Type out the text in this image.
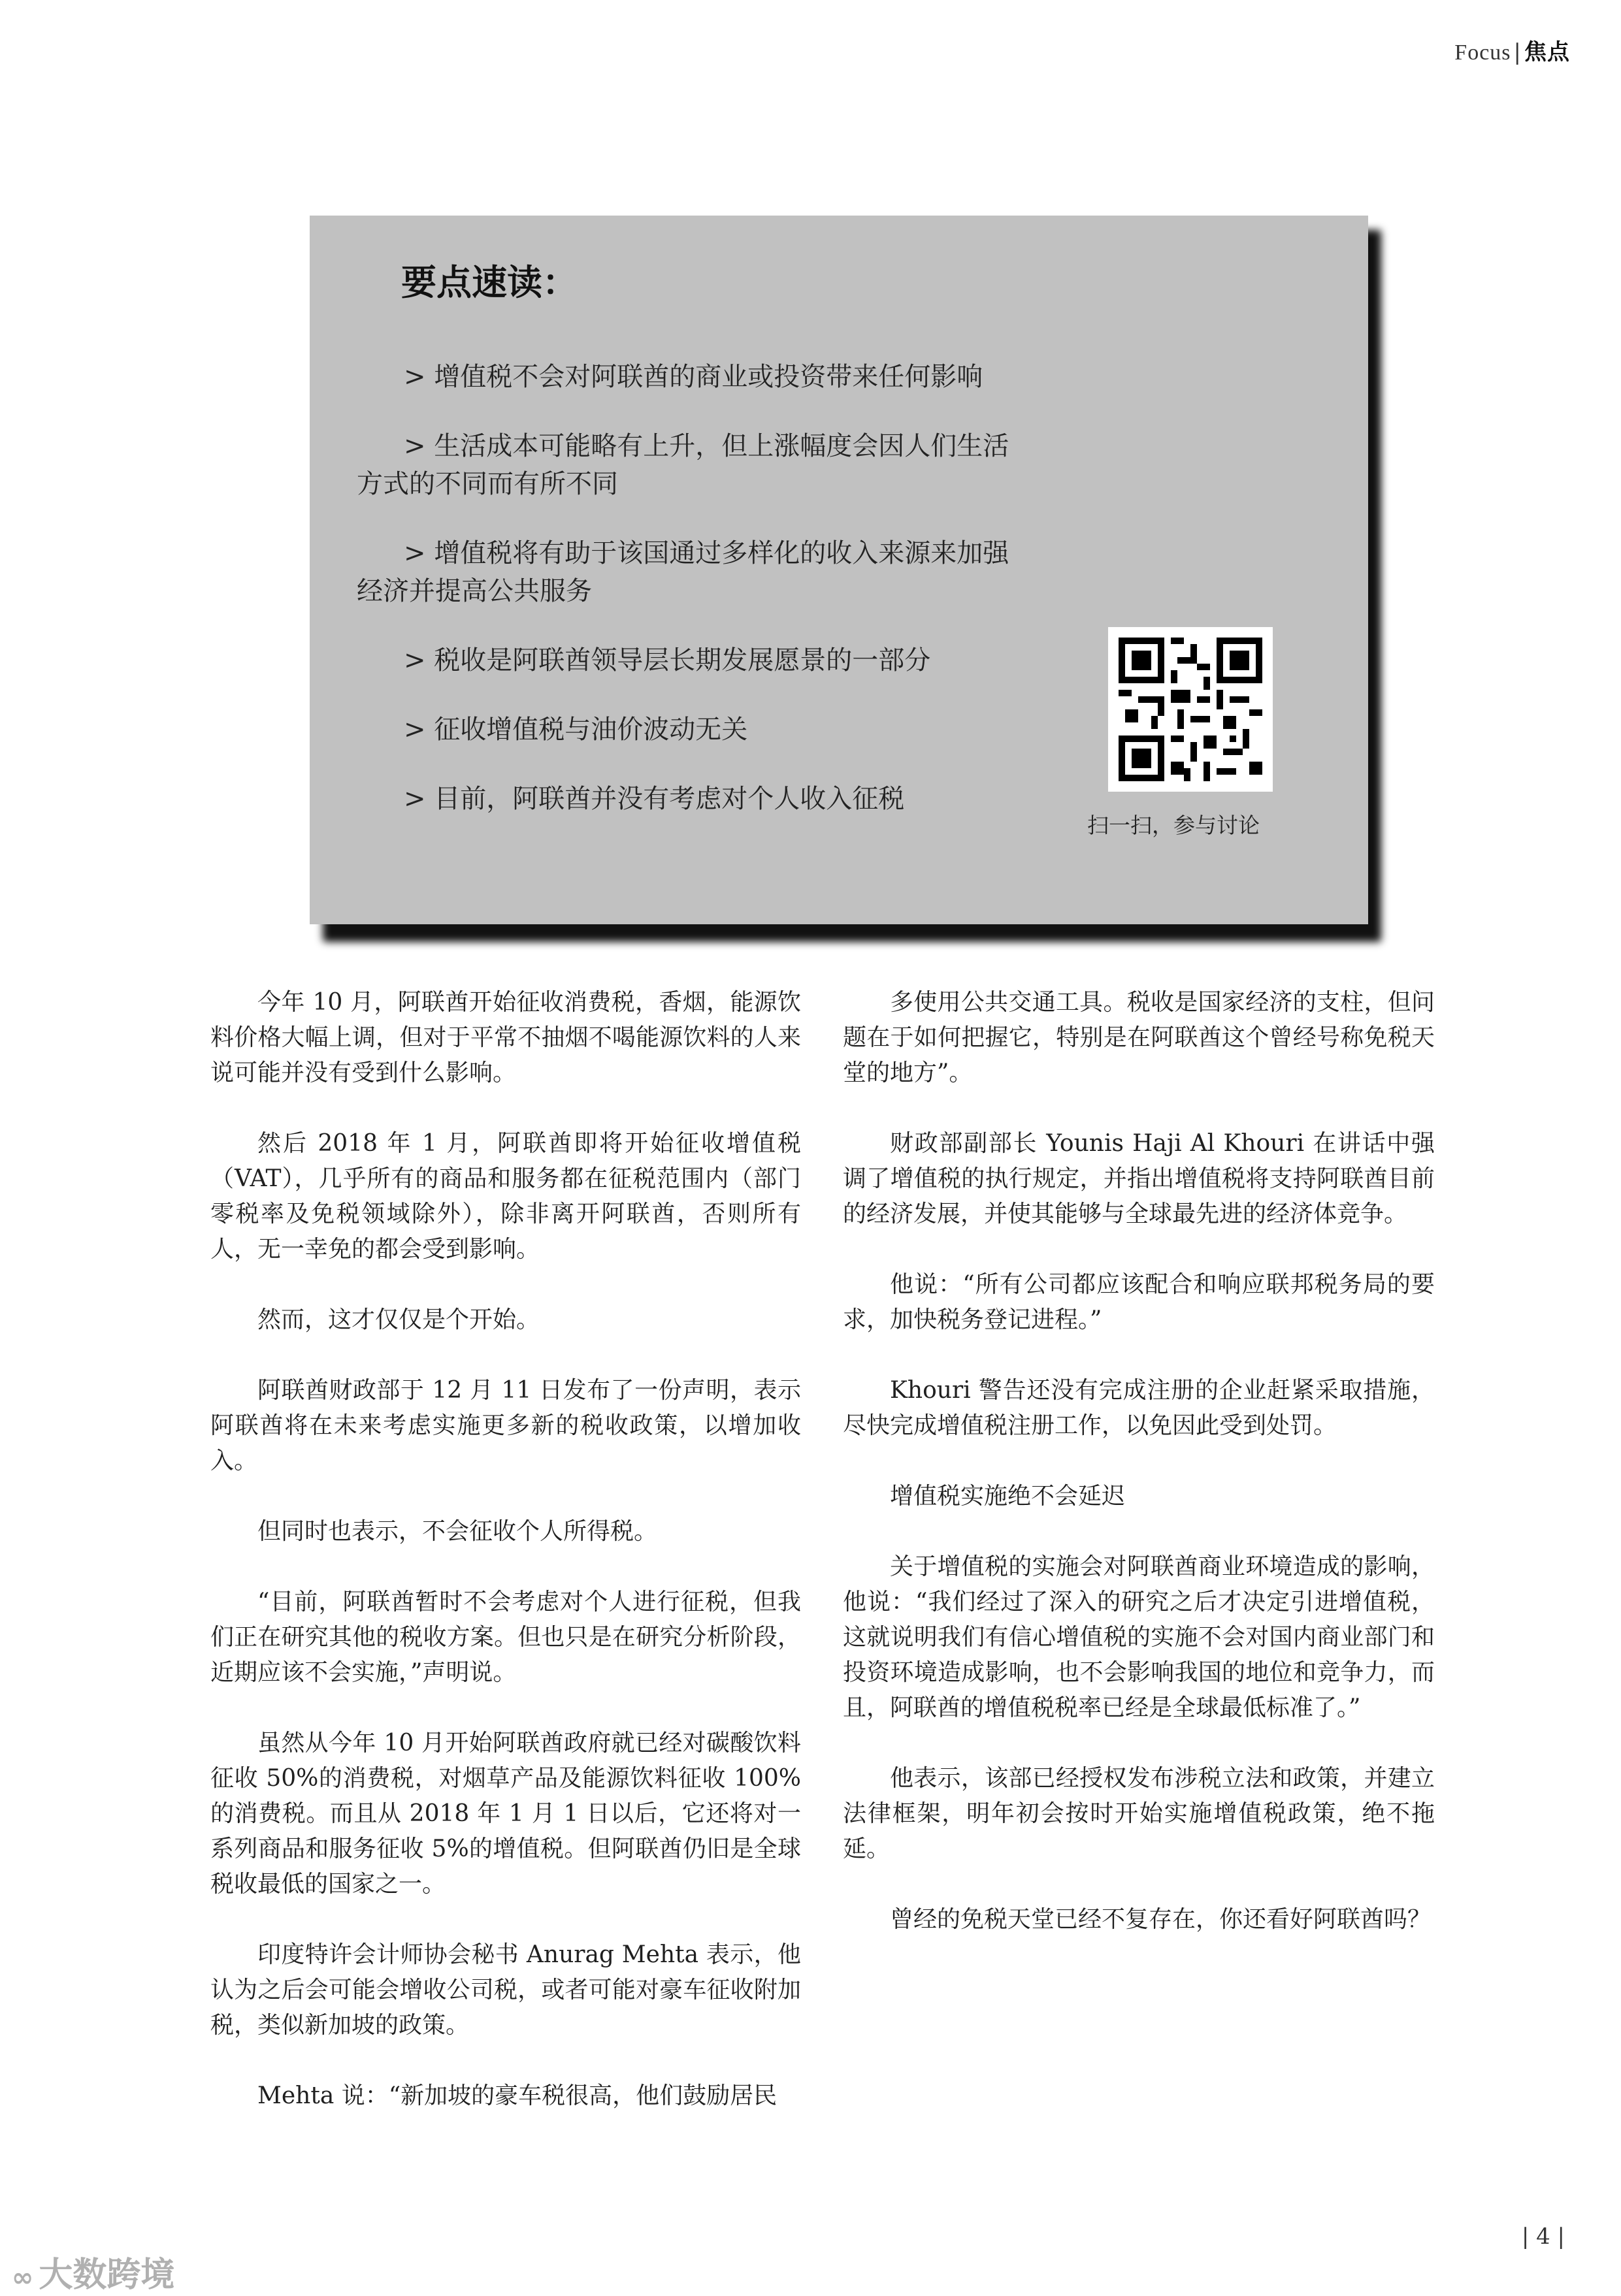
Focus | 焦点
要点速读：
> 增值税不会对阿联酋的商业或投资带来任何影响
> 生活成本可能略有上升，但上涨幅度会因人们生活方式的不同而有所不同
> 增值税将有助于该国通过多样化的收入来源来加强经济并提高公共服务
> 税收是阿联酋领导层长期发展愿景的一部分
> 征收增值税与油价波动无关
> 目前，阿联酋并没有考虑对个人收入征税
扫一扫，参与讨论

今年 10 月，阿联酋开始征收消费税，香烟，能源饮料价格大幅上调，但对于平常不抽烟不喝能源饮料的人来说可能并没有受到什么影响。

然后 2018 年 1 月，阿联酋即将开始征收增值税（VAT），几乎所有的商品和服务都在征税范围内（部门零税率及免税领域除外），除非离开阿联酋，否则所有人，无一幸免的都会受到影响。

然而，这才仅仅是个开始。

阿联酋财政部于 12 月 11 日发布了一份声明，表示阿联酋将在未来考虑实施更多新的税收政策，以增加收入。

但同时也表示，不会征收个人所得税。

“目前，阿联酋暂时不会考虑对个人进行征税，但我们正在研究其他的税收方案。但也只是在研究分析阶段，近期应该不会实施，”声明说。

虽然从今年 10 月开始阿联酋政府就已经对碳酸饮料征收 50%的消费税，对烟草产品及能源饮料征收 100%的消费税。而且从 2018 年 1 月 1 日以后，它还将对一系列商品和服务征收 5%的增值税。但阿联酋仍旧是全球税收最低的国家之一。

印度特许会计师协会秘书 Anurag Mehta 表示，他认为之后会可能会增收公司税，或者可能对豪车征收附加税，类似新加坡的政策。

Mehta 说：“新加坡的豪车税很高，他们鼓励居民

多使用公共交通工具。税收是国家经济的支柱，但问题在于如何把握它，特别是在阿联酋这个曾经号称免税天堂的地方”。

财政部副部长 Younis Haji Al Khouri 在讲话中强调了增值税的执行规定，并指出增值税将支持阿联酋目前的经济发展，并使其能够与全球最先进的经济体竞争。

他说：“所有公司都应该配合和响应联邦税务局的要求，加快税务登记进程。”

Khouri 警告还没有完成注册的企业赶紧采取措施，尽快完成增值税注册工作，以免因此受到处罚。

增值税实施绝不会延迟

关于增值税的实施会对阿联酋商业环境造成的影响，他说：“我们经过了深入的研究之后才决定引进增值税，这就说明我们有信心增值税的实施不会对国内商业部门和投资环境造成影响，也不会影响我国的地位和竞争力，而且，阿联酋的增值税税率已经是全球最低标准了。”

他表示，该部已经授权发布涉税立法和政策，并建立法律框架，明年初会按时开始实施增值税政策，绝不拖延。

曾经的免税天堂已经不复存在，你还看好阿联酋吗？

| 4 |
∞ 大数跨境
